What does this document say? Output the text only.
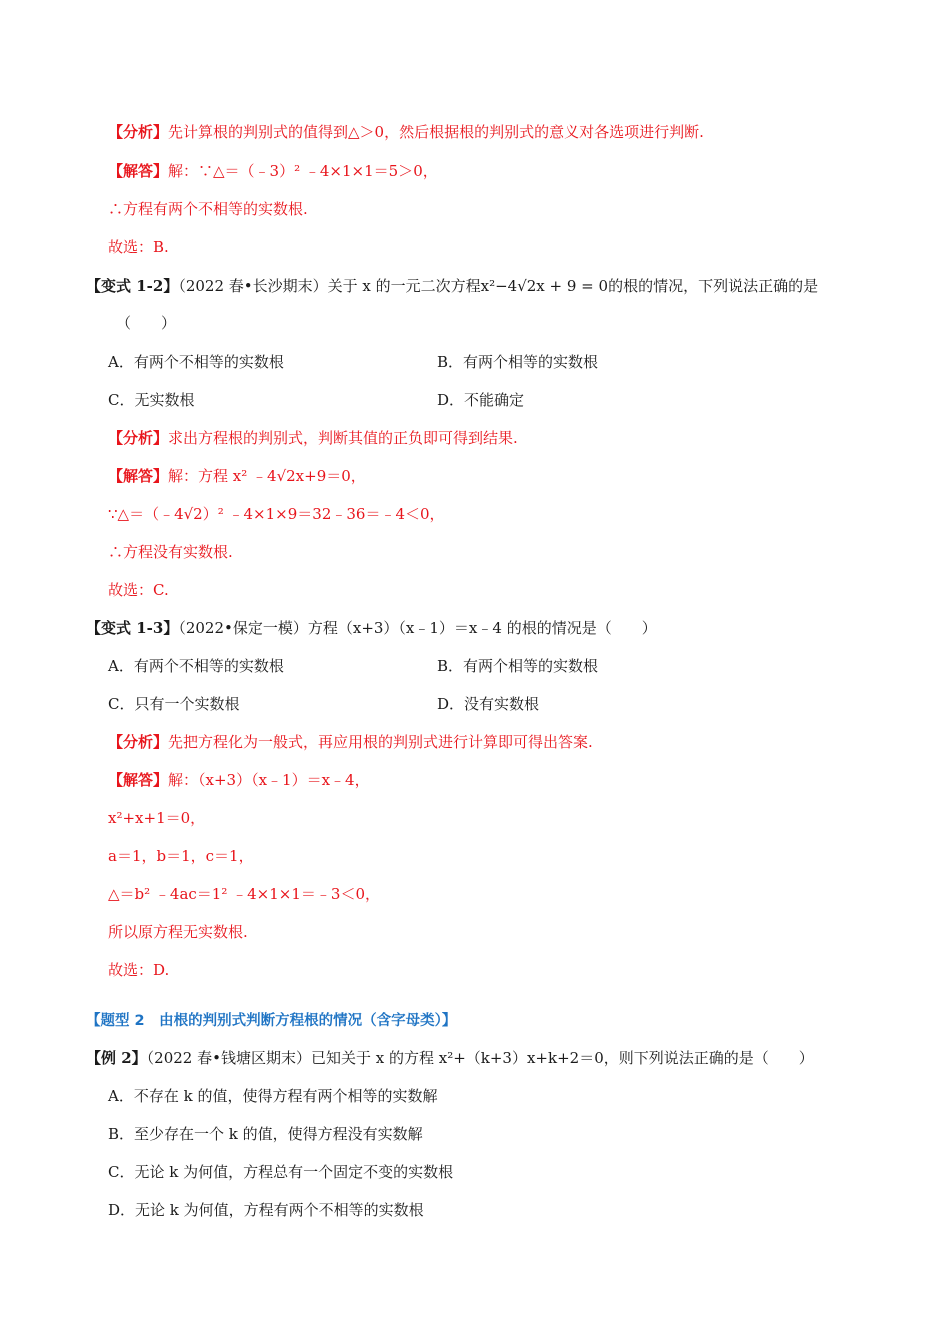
【分析】先计算根的判别式的值得到△＞0，然后根据根的判别式的意义对各选项进行判断.
【解答】解：∵△＝（﹣3）² ﹣4×1×1＝5＞0，
∴方程有两个不相等的实数根.
故选：B.
【变式 1-2】（2022 春•长沙期末）关于 x 的一元二次方程x²−4√2x + 9 = 0的根的情况，下列说法正确的是
（　　）
A．有两个不相等的实数根	B．有两个相等的实数根
C．无实数根	D．不能确定
【分析】求出方程根的判别式，判断其值的正负即可得到结果.
【解答】解：方程 x² ﹣4√2x+9＝0，
∵△＝（﹣4√2）² ﹣4×1×9＝32﹣36＝﹣4＜0，
∴方程没有实数根.
故选：C.
【变式 1-3】（2022•保定一模）方程（x+3）（x﹣1）＝x﹣4 的根的情况是（　　）
A．有两个不相等的实数根	B．有两个相等的实数根
C．只有一个实数根	D．没有实数根
【分析】先把方程化为一般式，再应用根的判别式进行计算即可得出答案.
【解答】解：（x+3）（x﹣1）＝x﹣4，
x²+x+1＝0，
a＝1，b＝1，c＝1，
△＝b² ﹣4ac＝1² ﹣4×1×1＝﹣3＜0，
所以原方程无实数根.
故选：D.
【题型 2　由根的判别式判断方程根的情况（含字母类）】
【例 2】（2022 春•钱塘区期末）已知关于 x 的方程 x²+（k+3）x+k+2＝0，则下列说法正确的是（　　）
A．不存在 k 的值，使得方程有两个相等的实数解
B．至少存在一个 k 的值，使得方程没有实数解
C．无论 k 为何值，方程总有一个固定不变的实数根
D．无论 k 为何值，方程有两个不相等的实数根
